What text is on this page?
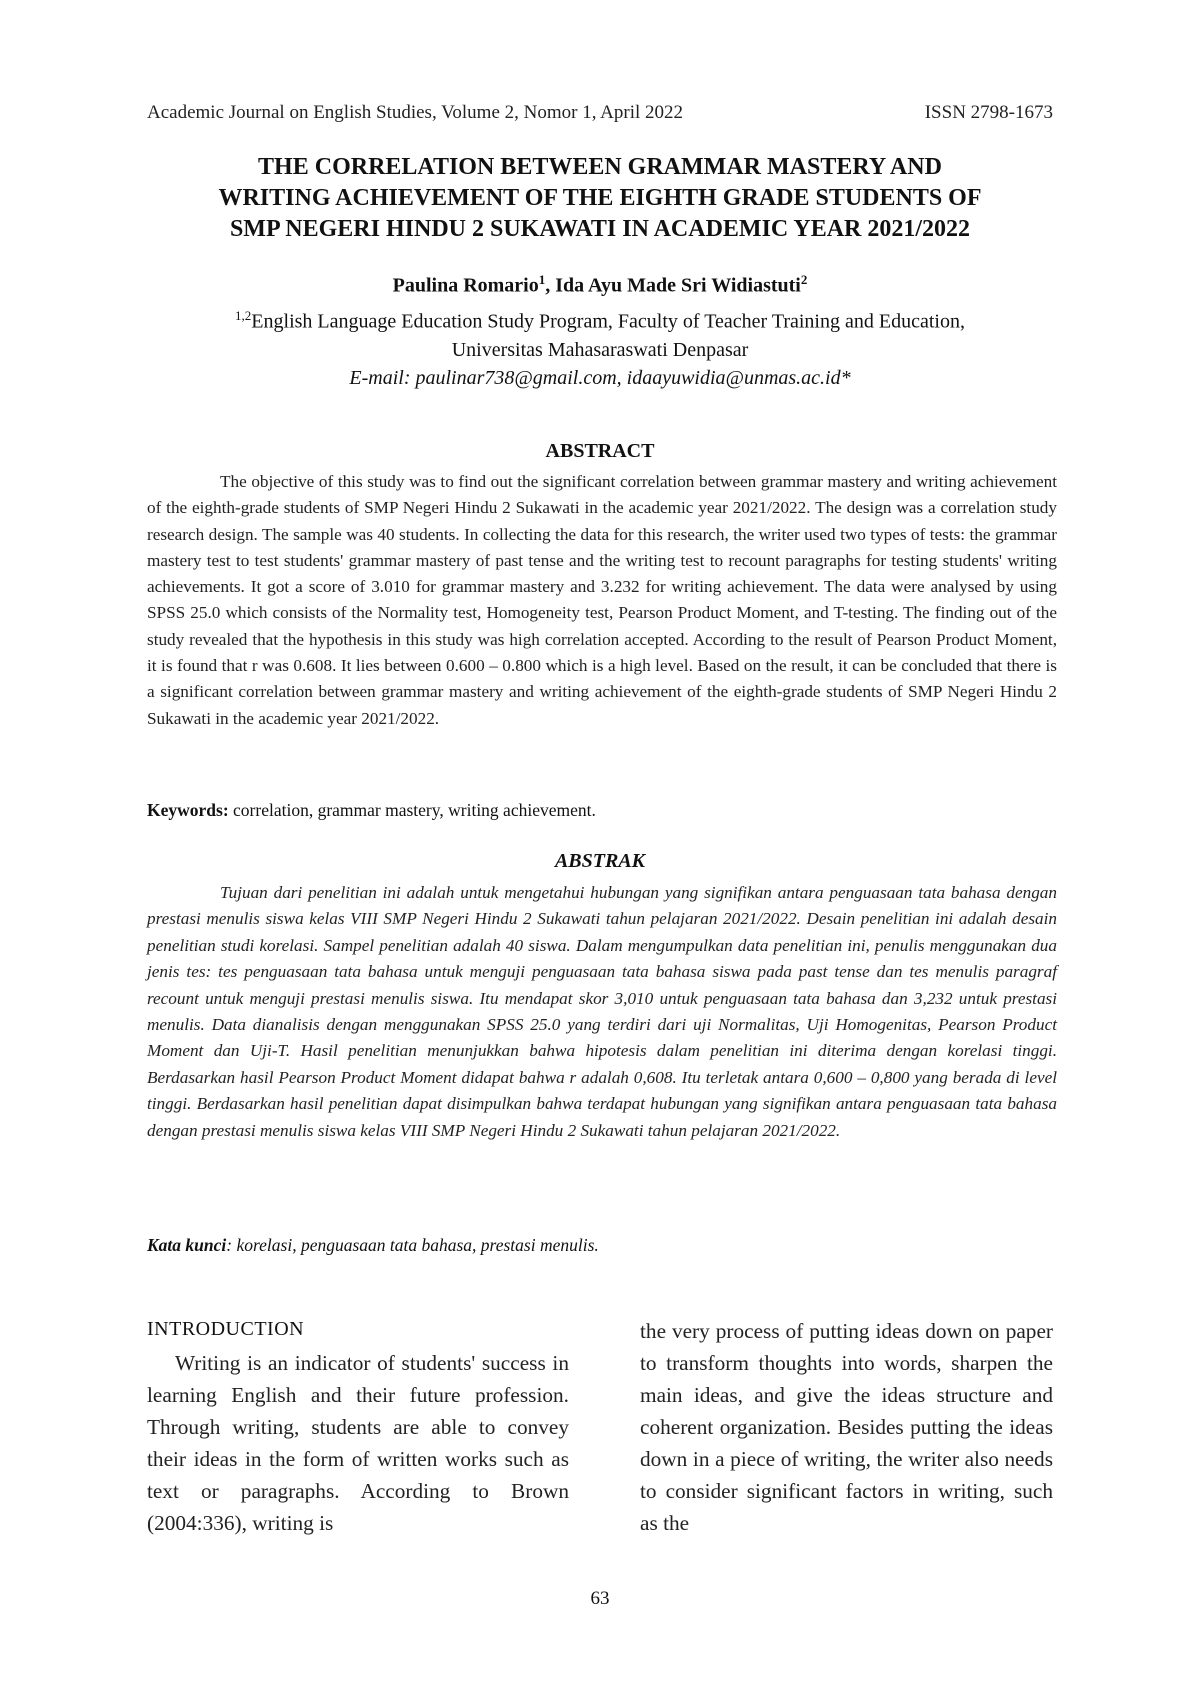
Academic Journal on English Studies, Volume 2, Nomor 1, April 2022	ISSN 2798-1673
THE CORRELATION BETWEEN GRAMMAR MASTERY AND
WRITING ACHIEVEMENT OF THE EIGHTH GRADE STUDENTS OF
SMP NEGERI HINDU 2 SUKAWATI IN ACADEMIC YEAR 2021/2022
Paulina Romario$^1$, Ida Ayu Made Sri Widiastuti$^2$
$^{1,2}$English Language Education Study Program, Faculty of Teacher Training and Education,
Universitas Mahasaraswati Denpasar
E-mail: paulinar738@gmail.com, idaayuwidia@unmas.ac.id*
ABSTRACT

The objective of this study was to find out the significant correlation between grammar mastery and writing achievement of the eighth-grade students of SMP Negeri Hindu 2 Sukawati in the academic year 2021/2022. The design was a correlation study research design. The sample was 40 students. In collecting the data for this research, the writer used two types of tests: the grammar mastery test to test students' grammar mastery of past tense and the writing test to recount paragraphs for testing students' writing achievements. It got a score of 3.010 for grammar mastery and 3.232 for writing achievement. The data were analysed by using SPSS 25.0 which consists of the Normality test, Homogeneity test, Pearson Product Moment, and T-testing. The finding out of the study revealed that the hypothesis in this study was high correlation accepted. According to the result of Pearson Product Moment, it is found that r was 0.608. It lies between 0.600 – 0.800 which is a high level. Based on the result, it can be concluded that there is a significant correlation between grammar mastery and writing achievement of the eighth-grade students of SMP Negeri Hindu 2 Sukawati in the academic year 2021/2022.

Keywords: correlation, grammar mastery, writing achievement.
ABSTRAK

Tujuan dari penelitian ini adalah untuk mengetahui hubungan yang signifikan antara penguasaan tata bahasa dengan prestasi menulis siswa kelas VIII SMP Negeri Hindu 2 Sukawati tahun pelajaran 2021/2022. Desain penelitian ini adalah desain penelitian studi korelasi. Sampel penelitian adalah 40 siswa. Dalam mengumpulkan data penelitian ini, penulis menggunakan dua jenis tes: tes penguasaan tata bahasa untuk menguji penguasaan tata bahasa siswa pada past tense dan tes menulis paragraf recount untuk menguji prestasi menulis siswa. Itu mendapat skor 3,010 untuk penguasaan tata bahasa dan 3,232 untuk prestasi menulis. Data dianalisis dengan menggunakan SPSS 25.0 yang terdiri dari uji Normalitas, Uji Homogenitas, Pearson Product Moment dan Uji-T. Hasil penelitian menunjukkan bahwa hipotesis dalam penelitian ini diterima dengan korelasi tinggi. Berdasarkan hasil Pearson Product Moment didapat bahwa r adalah 0,608. Itu terletak antara 0,600 – 0,800 yang berada di level tinggi. Berdasarkan hasil penelitian dapat disimpulkan bahwa terdapat hubungan yang signifikan antara penguasaan tata bahasa dengan prestasi menulis siswa kelas VIII SMP Negeri Hindu 2 Sukawati tahun pelajaran 2021/2022.

Kata kunci: korelasi, penguasaan tata bahasa, prestasi menulis.
INTRODUCTION

Writing is an indicator of students' success in learning English and their future profession. Through writing, students are able to convey their ideas in the form of written works such as text or paragraphs. According to Brown (2004:336), writing is

the very process of putting ideas down on paper to transform thoughts into words, sharpen the main ideas, and give the ideas structure and coherent organization. Besides putting the ideas down in a piece of writing, the writer also needs to consider significant factors in writing, such as the

63
